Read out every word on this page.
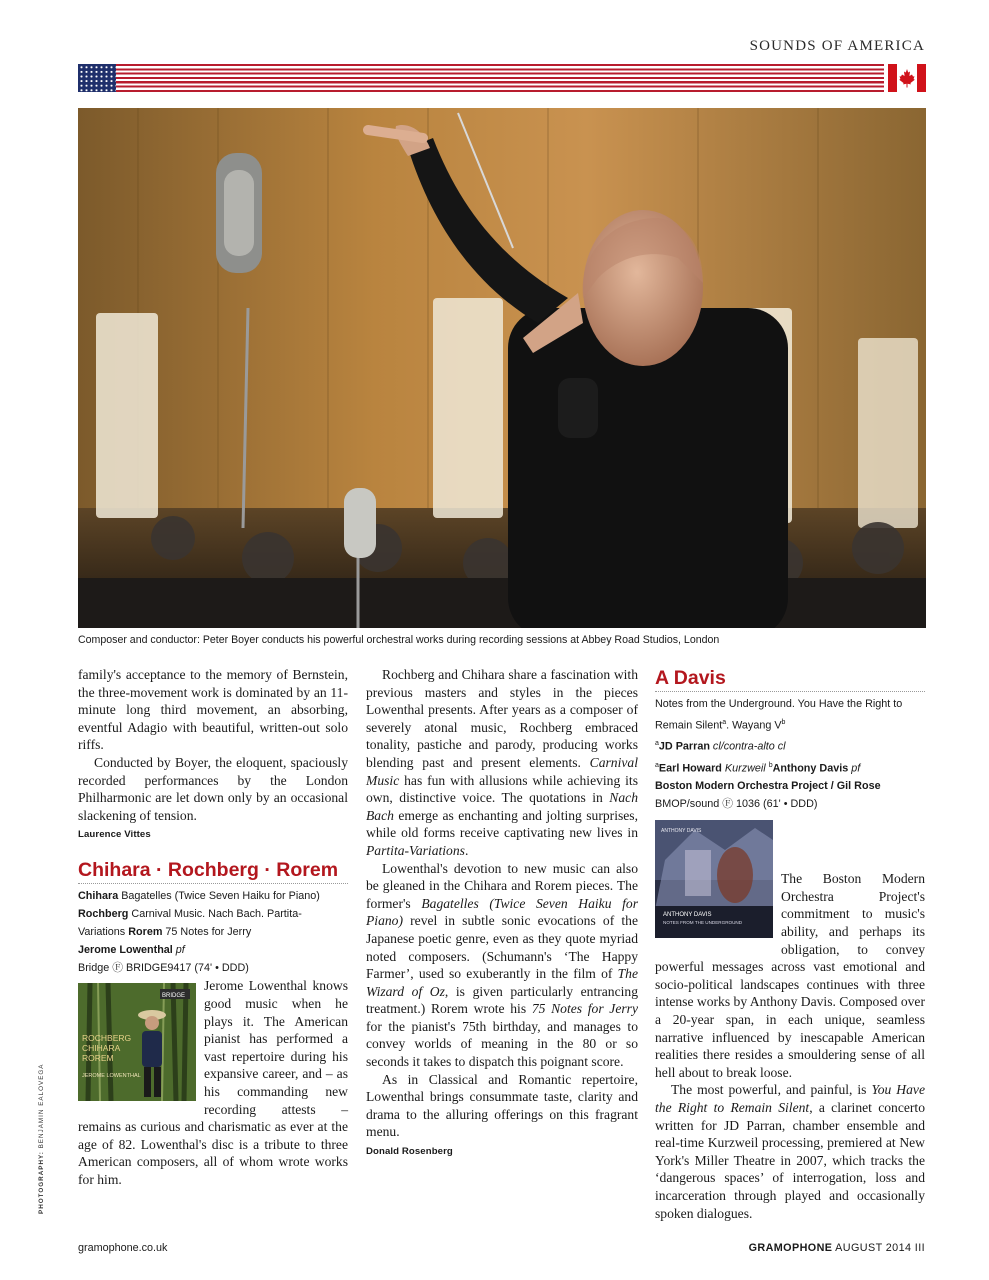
SOUNDS OF AMERICA
Composer and conductor: Peter Boyer conducts his powerful orchestral works during recording sessions at Abbey Road Studios, London

family's acceptance to the memory of Bernstein, the three-movement work is dominated by an 11-minute long third movement, an absorbing, eventful Adagio with beautiful, written-out solo riffs.

Conducted by Boyer, the eloquent, spaciously recorded performances by the London Philharmonic are let down only by an occasional slackening of tension.

Laurence Vittes
Chihara · Rochberg · Rorem
Chihara Bagatelles (Twice Seven Haiku for Piano) Rochberg Carnival Music. Nach Bach. Partita-Variations Rorem 75 Notes for Jerry
Jerome Lowenthal pf
Bridge Ⓕ BRIDGE9417 (74' • DDD)
BRIDGE
ROCHBERG
CHIHARA
ROREM
JEROME LOWENTHAL

Jerome Lowenthal knows good music when he plays it. The American pianist has performed a vast repertoire during his expansive career, and – as his commanding new recording attests – remains as curious and charismatic as ever at the age of 82. Lowenthal's disc is a tribute to three American composers, all of whom wrote works for him.

Rochberg and Chihara share a fascination with previous masters and styles in the pieces Lowenthal presents. After years as a composer of severely atonal music, Rochberg embraced tonality, pastiche and parody, producing works blending past and present elements. Carnival Music has fun with allusions while achieving its own, distinctive voice. The quotations in Nach Bach emerge as enchanting and jolting surprises, while old forms receive captivating new lives in Partita-Variations.

Lowenthal's devotion to new music can also be gleaned in the Chihara and Rorem pieces. The former's Bagatelles (Twice Seven Haiku for Piano) revel in subtle sonic evocations of the Japanese poetic genre, even as they quote myriad noted composers. (Schumann's ‘The Happy Farmer’, used so exuberantly in the film of The Wizard of Oz, is given particularly entrancing treatment.) Rorem wrote his 75 Notes for Jerry for the pianist's 75th birthday, and manages to convey worlds of meaning in the 80 or so seconds it takes to dispatch this poignant score.

As in Classical and Romantic repertoire, Lowenthal brings consummate taste, clarity and drama to the alluring offerings on this fragrant menu.

Donald Rosenberg
A Davis
Notes from the Underground. You Have the Right to Remain Silent$^a$. Wayang $V^b$
$^a$JD Parran cl/contra-alto cl
$^a$Earl Howard Kurzweil $^b$Anthony Davis pf
Boston Modern Orchestra Project / Gil Rose
BMOP/sound Ⓕ 1036 (61' • DDD)
ANTHONY DAVIS
ANTHONY DAVIS
NOTES FROM THE UNDERGROUND

The Boston Modern Orchestra Project's commitment to music's ability, and perhaps its obligation, to convey powerful messages across vast emotional and socio-political landscapes continues with three intense works by Anthony Davis. Composed over a 20-year span, in each unique, seamless narrative influenced by inescapable American realities there resides a smouldering sense of all hell about to break loose.

The most powerful, and painful, is You Have the Right to Remain Silent, a clarinet concerto written for JD Parran, chamber ensemble and real-time Kurzweil processing, premiered at New York's Miller Theatre in 2007, which tracks the ‘dangerous spaces’ of interrogation, loss and incarceration through played and occasionally spoken dialogues.

PHOTOGRAPHY: BENJAMIN EALOVEGA
gramophone.co.uk	GRAMOPHONE AUGUST 2014 III
